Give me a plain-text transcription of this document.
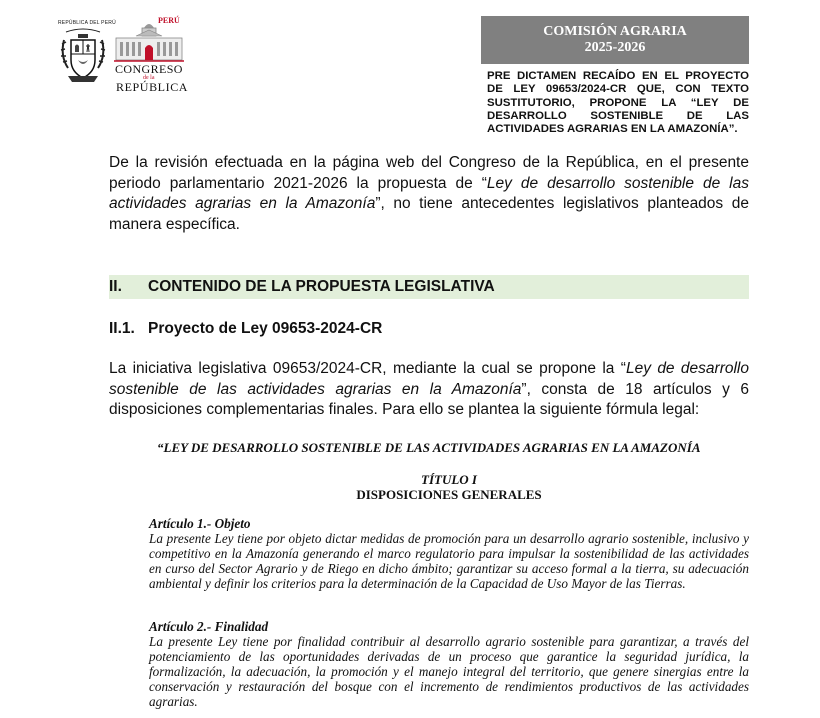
REPÚBLICA DEL PERÚ	PERÚ
CONGRESO
de la
REPÚBLICA
COMISIÓN AGRARIA
2025-2026
PRE DICTAMEN RECAÍDO EN EL PROYECTO DE LEY 09653/2024-CR QUE, CON TEXTO SUSTITUTORIO, PROPONE LA “LEY DE DESARROLLO SOSTENIBLE DE LAS ACTIVIDADES AGRARIAS EN LA AMAZONÍA”.
De la revisión efectuada en la página web del Congreso de la República, en el presente periodo parlamentario 2021-2026 la propuesta de “Ley de desarrollo sostenible de las actividades agrarias en la Amazonía”, no tiene antecedentes legislativos planteados de manera específica.
II. CONTENIDO DE LA PROPUESTA LEGISLATIVA
II.1. Proyecto de Ley 09653-2024-CR
La iniciativa legislativa 09653/2024-CR, mediante la cual se propone la “Ley de desarrollo sostenible de las actividades agrarias en la Amazonía”, consta de 18 artículos y 6 disposiciones complementarias finales. Para ello se plantea la siguiente fórmula legal:
“LEY DE DESARROLLO SOSTENIBLE DE LAS ACTIVIDADES AGRARIAS EN LA AMAZONÍA
TÍTULO I
DISPOSICIONES GENERALES
Artículo 1.- Objeto
La presente Ley tiene por objeto dictar medidas de promoción para un desarrollo agrario sostenible, inclusivo y competitivo en la Amazonía generando el marco regulatorio para impulsar la sostenibilidad de las actividades en curso del Sector Agrario y de Riego en dicho ámbito; garantizar su acceso formal a la tierra, su adecuación ambiental y definir los criterios para la determinación de la Capacidad de Uso Mayor de las Tierras.
Artículo 2.- Finalidad
La presente Ley tiene por finalidad contribuir al desarrollo agrario sostenible para garantizar, a través del potenciamiento de las oportunidades derivadas de un proceso que garantice la seguridad jurídica, la formalización, la adecuación, la promoción y el manejo integral del territorio, que genere sinergias entre la conservación y restauración del bosque con el incremento de rendimientos productivos de las actividades agrarias.
